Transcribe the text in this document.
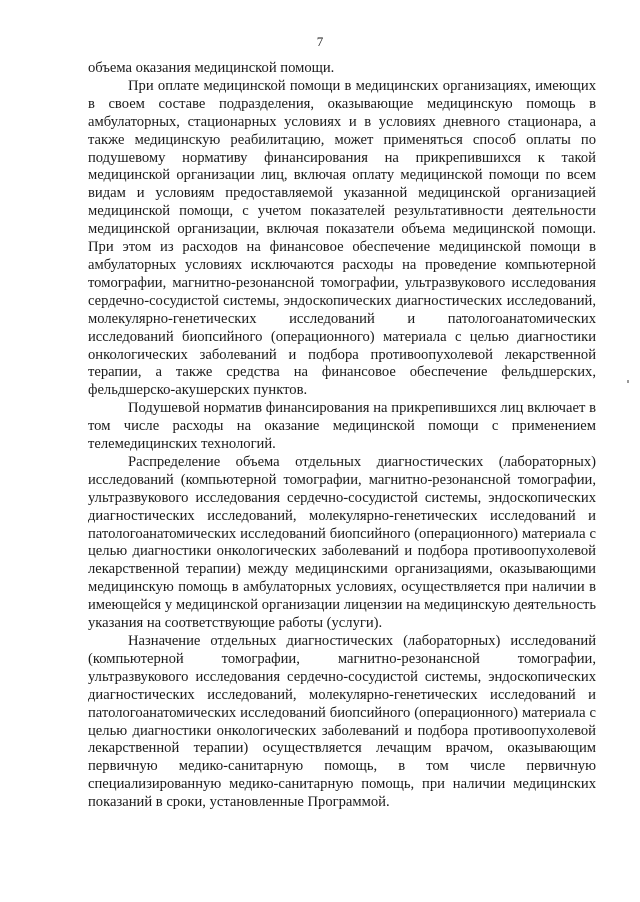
7

объема оказания медицинской помощи.

При оплате медицинской помощи в медицинских организациях, имеющих в своем составе подразделения, оказывающие медицинскую помощь в амбулаторных, стационарных условиях и в условиях дневного стационара, а также медицинскую реабилитацию, может применяться способ оплаты по подушевому нормативу финансирования на прикрепившихся к такой медицинской организации лиц, включая оплату медицинской помощи по всем видам и условиям предоставляемой указанной медицинской организацией медицинской помощи, с учетом показателей результативности деятельности медицинской организации, включая показатели объема медицинской помощи. При этом из расходов на финансовое обеспечение медицинской помощи в амбулаторных условиях исключаются расходы на проведение компьютерной томографии, магнитно-резонансной томографии, ультразвукового исследования сердечно-сосудистой системы, эндоскопических диагностических исследований, молекулярно-генетических исследований и патологоанатомических исследований биопсийного (операционного) материала с целью диагностики онкологических заболеваний и подбора противоопухолевой лекарственной терапии, а также средства на финансовое обеспечение фельдшерских, фельдшерско-акушерских пунктов.

Подушевой норматив финансирования на прикрепившихся лиц включает в том числе расходы на оказание медицинской помощи с применением телемедицинских технологий.

Распределение объема отдельных диагностических (лабораторных) исследований (компьютерной томографии, магнитно-резонансной томографии, ультразвукового исследования сердечно-сосудистой системы, эндоскопических диагностических исследований, молекулярно-генетических исследований и патологоанатомических исследований биопсийного (операционного) материала с целью диагностики онкологических заболеваний и подбора противоопухолевой лекарственной терапии) между медицинскими организациями, оказывающими медицинскую помощь в амбулаторных условиях, осуществляется при наличии в имеющейся у медицинской организации лицензии на медицинскую деятельность указания на соответствующие работы (услуги).

Назначение отдельных диагностических (лабораторных) исследований (компьютерной томографии, магнитно-резонансной томографии, ультразвукового исследования сердечно-сосудистой системы, эндоскопических диагностических исследований, молекулярно-генетических исследований и патологоанатомических исследований биопсийного (операционного) материала с целью диагностики онкологических заболеваний и подбора противоопухолевой лекарственной терапии) осуществляется лечащим врачом, оказывающим первичную медико-санитарную помощь, в том числе первичную специализированную медико-санитарную помощь, при наличии медицинских показаний в сроки, установленные Программой.
